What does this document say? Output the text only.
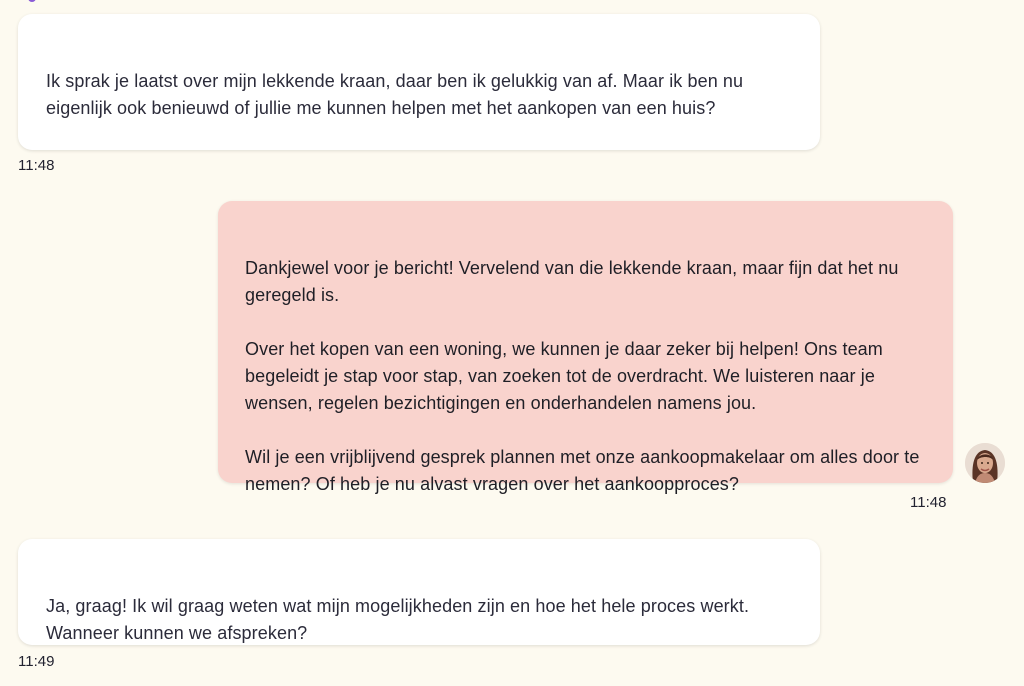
Ik sprak je laatst over mijn lekkende kraan, daar ben ik gelukkig van af. Maar ik ben nu eigenlijk ook benieuwd of jullie me kunnen helpen met het aankopen van een huis?

11:48

Dankjewel voor je bericht! Vervelend van die lekkende kraan, maar fijn dat het nu geregeld is.

Over het kopen van een woning, we kunnen je daar zeker bij helpen! Ons team begeleidt je stap voor stap, van zoeken tot de overdracht. We luisteren naar je wensen, regelen bezichtigingen en onderhandelen namens jou.

Wil je een vrijblijvend gesprek plannen met onze aankoopmakelaar om alles door te nemen? Of heb je nu alvast vragen over het aankoopproces?

11:48

Ja, graag! Ik wil graag weten wat mijn mogelijkheden zijn en hoe het hele proces werkt. Wanneer kunnen we afspreken?

11:49
